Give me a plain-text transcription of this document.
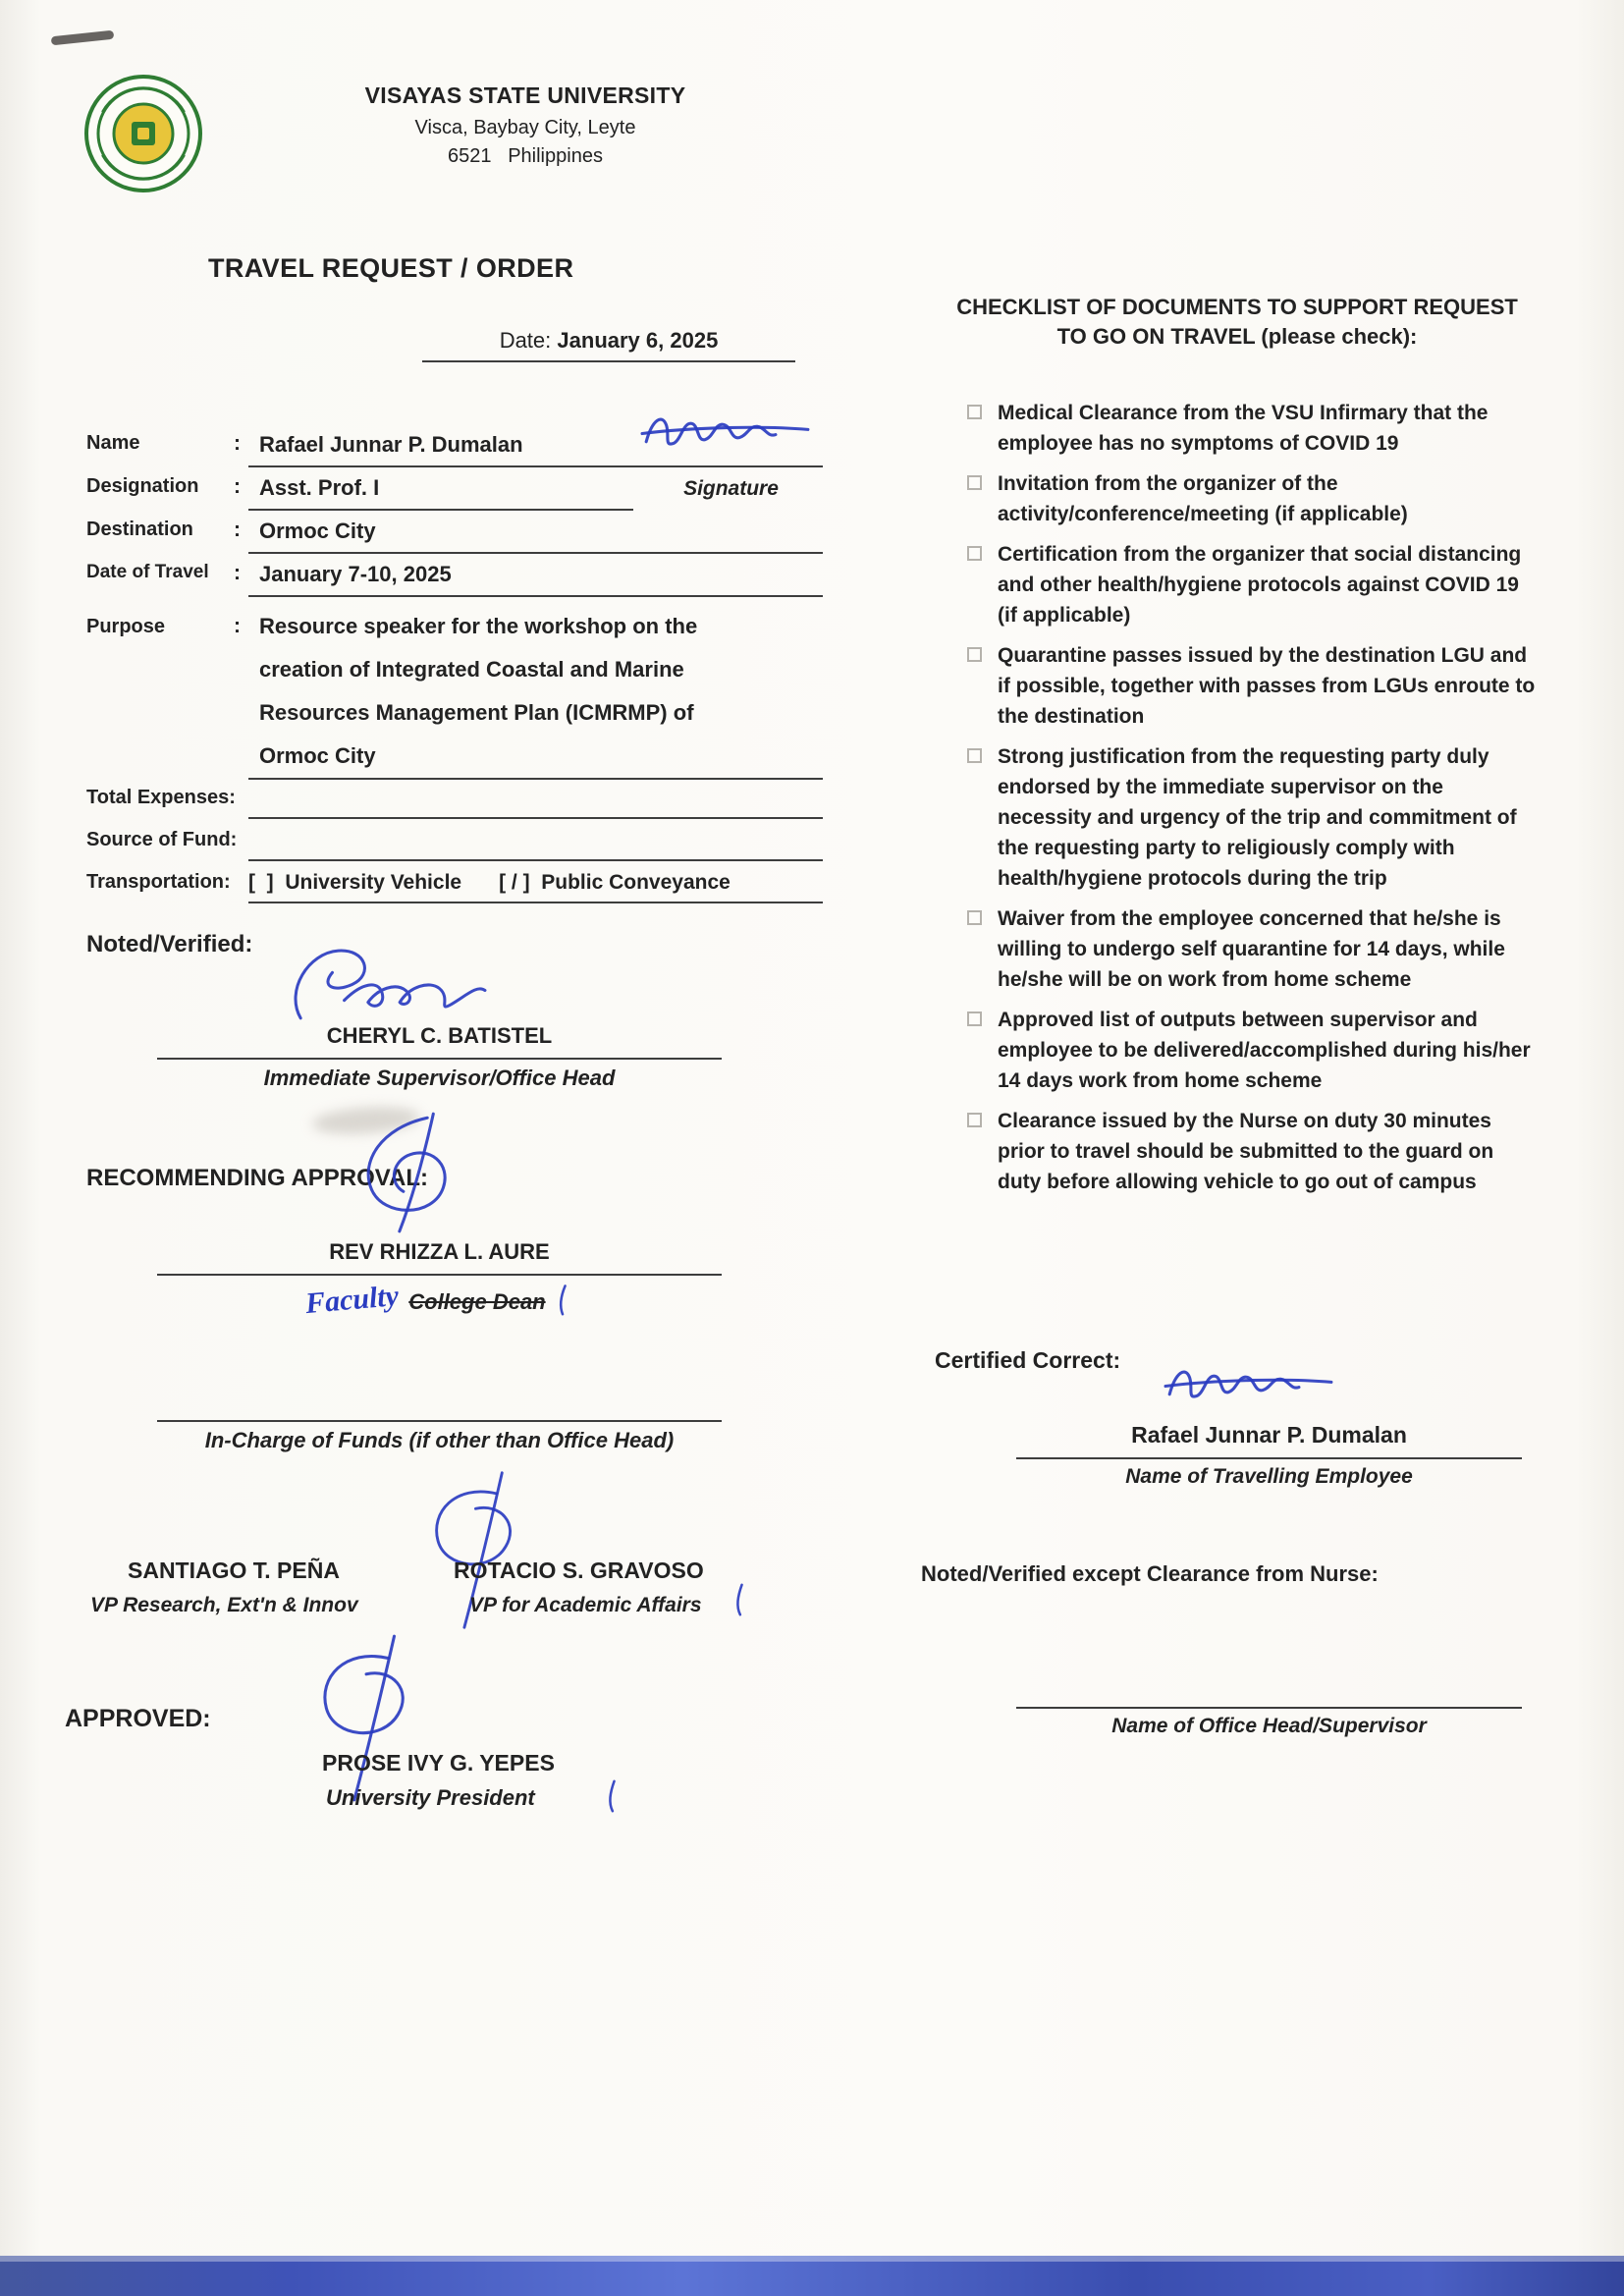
VISAYAS STATE UNIVERSITY
Visca, Baybay City, Leyte
6521   Philippines
TRAVEL REQUEST / ORDER
Date: January 6, 2025
Name	: Rafael Junnar P. Dumalan
Signature
Designation	: Asst. Prof. I
Destination	: Ormoc City
Date of Travel	: January 7-10, 2025
Purpose	: Resource speaker for the workshop on the
creation of Integrated Coastal and Marine
Resources Management Plan (ICMRMP) of
Ormoc City
Total Expenses:
Source of Fund:
Transportation: [  ]  University Vehicle [ / ]  Public Conveyance
Noted/Verified:
CHERYL C. BATISTEL
Immediate Supervisor/Office Head
RECOMMENDING APPROVAL:
REV RHIZZA L. AURE
Faculty College Dean
In-Charge of Funds (if other than Office Head)
SANTIAGO T. PEÑA
VP Research, Ext'n & Innov
ROTACIO S. GRAVOSO
VP for Academic Affairs
APPROVED:
PROSE IVY G. YEPES
University President
CHECKLIST OF DOCUMENTS TO SUPPORT REQUEST
TO GO ON TRAVEL (please check):
Medical Clearance from the VSU Infirmary that the employee has no symptoms of COVID 19
Invitation from the organizer of the activity/conference/meeting (if applicable)
Certification from the organizer that social distancing and other health/hygiene protocols against COVID 19 (if applicable)
Quarantine passes issued by the destination LGU and if possible, together with passes from LGUs enroute to the destination
Strong justification from the requesting party duly endorsed by the immediate supervisor on the necessity and urgency of the trip and commitment of the requesting party to religiously comply with health/hygiene protocols during the trip
Waiver from the employee concerned that he/she is willing to undergo self quarantine for 14 days, while he/she will be on work from home scheme
Approved list of outputs between supervisor and employee to be delivered/accomplished during his/her 14 days work from home scheme
Clearance issued by the Nurse on duty 30 minutes prior to travel should be submitted to the guard on duty before allowing vehicle to go out of campus
Certified Correct:
Rafael Junnar P. Dumalan
Name of Travelling Employee
Noted/Verified except Clearance from Nurse:
Name of Office Head/Supervisor
